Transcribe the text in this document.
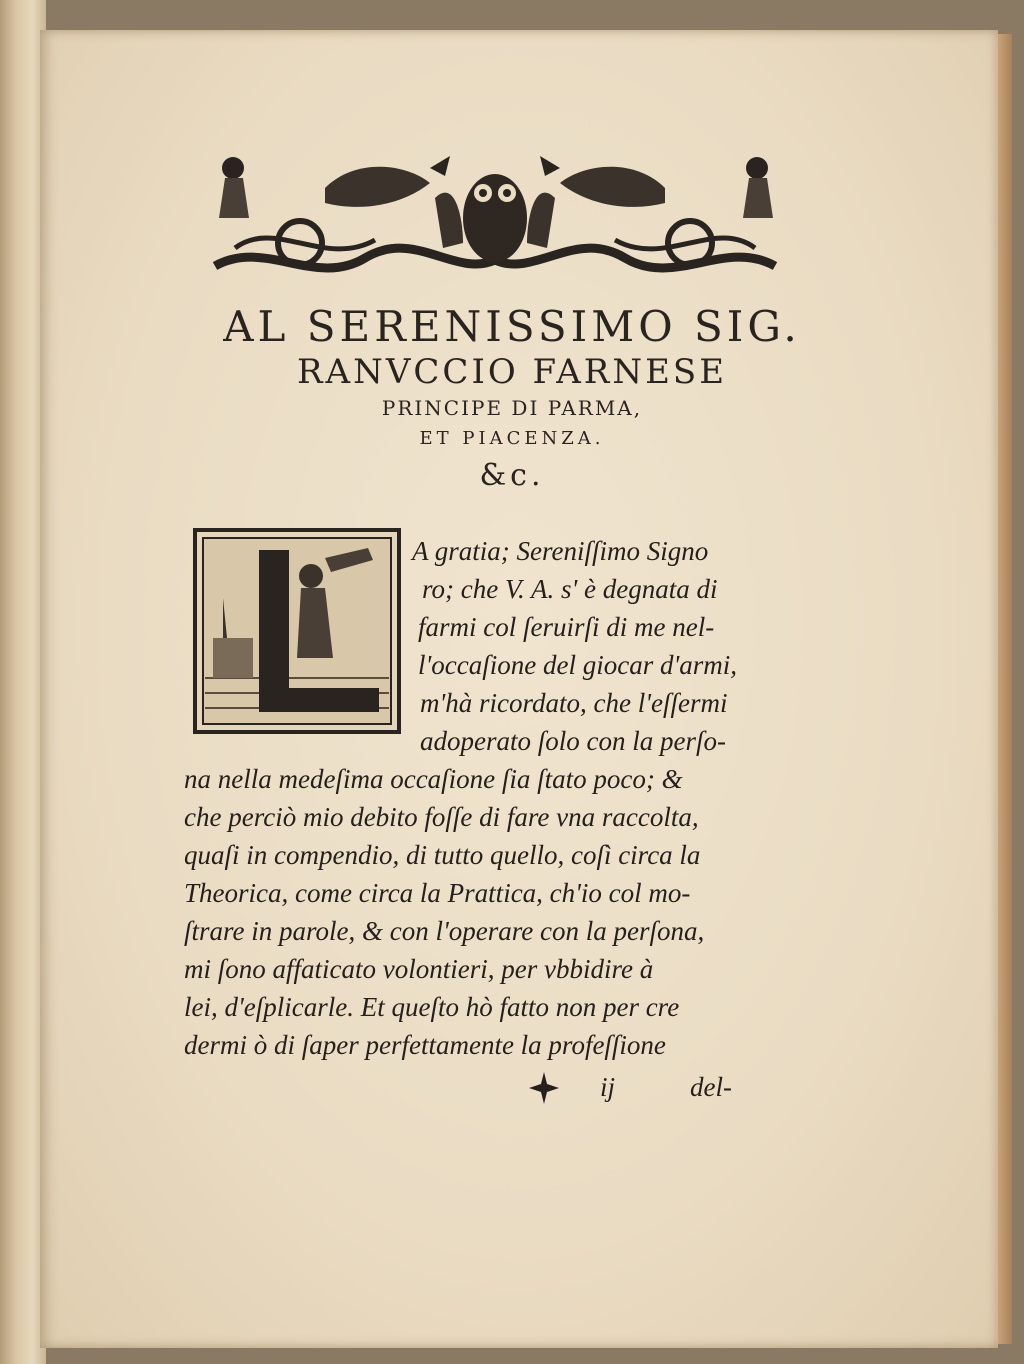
AL SERENISSIMO SIG.
RANVCCIO FARNESE
PRINCIPE DI PARMA,
ET PIACENZA.
&c.
A gratia; Sereniſſimo Signo
ro; che V. A. s' è degnata di
farmi col ſeruirſi di me nel-
l'occaſione del giocar d'armi,
m'hà ricordato, che l'eſſermi
adoperato ſolo con la perſo-
na nella medeſima occaſione ſia ſtato poco; &
che perciò mio debito foſſe di fare vna raccolta,
quaſi in compendio, di tutto quello, coſì circa la
Theorica, come circa la Prattica, ch'io col mo-
ſtrare in parole, & con l'operare con la perſona,
mi ſono affaticato volontieri, per vbbidire à
lei, d'eſplicarle. Et queſto hò fatto non per cre
dermi ò di ſaper perfettamente la profeſſione
ij	del-
